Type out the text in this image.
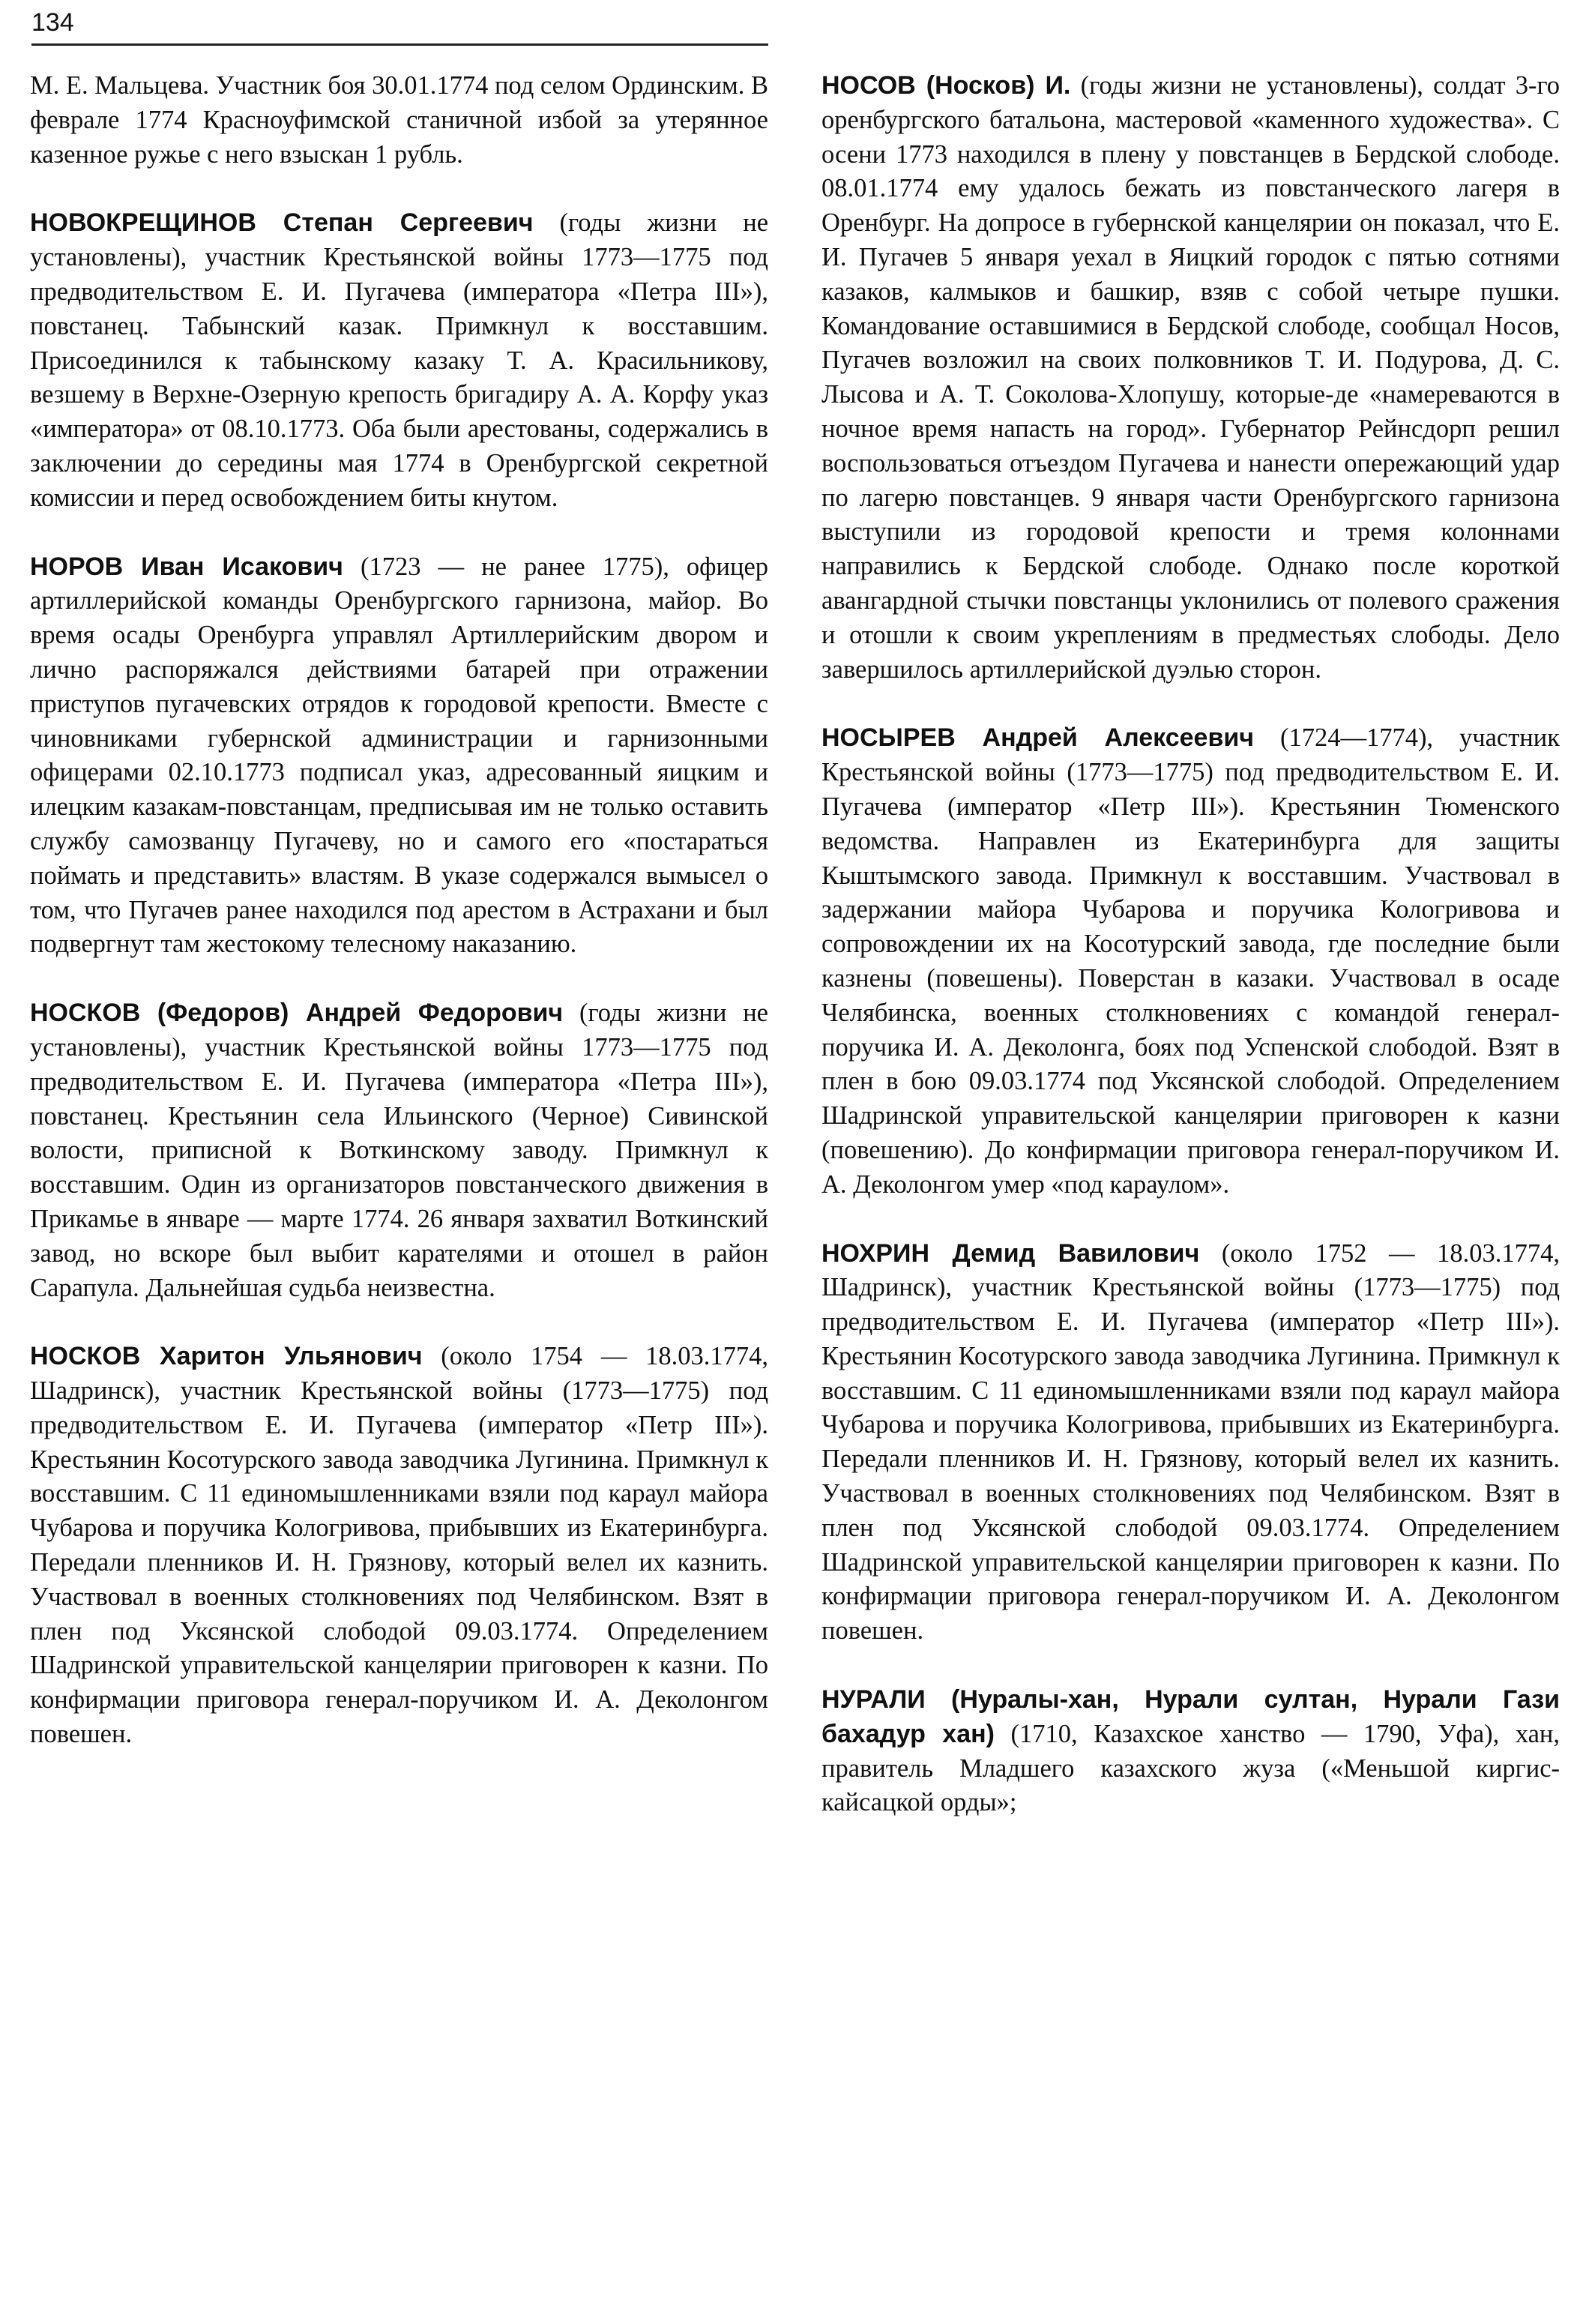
134

М. Е. Мальцева. Участник боя 30.01.1774 под селом Ординским. В феврале 1774 Красноуфимской станичной избой за утерянное казенное ружье с него взыскан 1 рубль.

НОВОКРЕЩИНОВ Степан Сергеевич (годы жизни не установлены), участник Крестьянской войны 1773—1775 под предводительством Е. И. Пугачева (императора «Петра III»), повстанец. Табынский казак. Примкнул к восставшим. Присоединился к табынскому казаку Т. А. Красильникову, везшему в Верхне-Озерную крепость бригадиру А. А. Корфу указ «императора» от 08.10.1773. Оба были арестованы, содержались в заключении до середины мая 1774 в Оренбургской секретной комиссии и перед освобождением биты кнутом.

НОРОВ Иван Исакович (1723 — не ранее 1775), офицер артиллерийской команды Оренбургского гарнизона, майор. Во время осады Оренбурга управлял Артиллерийским двором и лично распоряжался действиями батарей при отражении приступов пугачевских отрядов к городовой крепости. Вместе с чиновниками губернской администрации и гарнизонными офицерами 02.10.1773 подписал указ, адресованный яицким и илецким казакам-повстанцам, предписывая им не только оставить службу самозванцу Пугачеву, но и самого его «постараться поймать и представить» властям. В указе содержался вымысел о том, что Пугачев ранее находился под арестом в Астрахани и был подвергнут там жестокому телесному наказанию.

НОСКОВ (Федоров) Андрей Федорович (годы жизни не установлены), участник Крестьянской войны 1773—1775 под предводительством Е. И. Пугачева (императора «Петра III»), повстанец. Крестьянин села Ильинского (Черное) Сивинской волости, приписной к Воткинскому заводу. Примкнул к восставшим. Один из организаторов повстанческого движения в Прикамье в январе — марте 1774. 26 января захватил Воткинский завод, но вскоре был выбит карателями и отошел в район Сарапула. Дальнейшая судьба неизвестна.

НОСКОВ Харитон Ульянович (около 1754 — 18.03.1774, Шадринск), участник Крестьянской войны (1773—1775) под предводительством Е. И. Пугачева (император «Петр III»). Крестьянин Косотурского завода заводчика Лугинина. Примкнул к восставшим. С 11 единомышленниками взяли под караул майора Чубарова и поручика Кологривова, прибывших из Екатеринбурга. Передали пленников И. Н. Грязнову, который велел их казнить. Участвовал в военных столкновениях под Челябинском. Взят в плен под Уксянской слободой 09.03.1774. Определением Шадринской управительской канцелярии приговорен к казни. По конфирмации приговора генерал-поручиком И. А. Деколонгом повешен.

НОСОВ (Носков) И. (годы жизни не установлены), солдат 3-го оренбургского батальона, мастеровой «каменного художества». С осени 1773 находился в плену у повстанцев в Бердской слободе. 08.01.1774 ему удалось бежать из повстанческого лагеря в Оренбург. На допросе в губернской канцелярии он показал, что Е. И. Пугачев 5 января уехал в Яицкий городок с пятью сотнями казаков, калмыков и башкир, взяв с собой четыре пушки. Командование оставшимися в Бердской слободе, сообщал Носов, Пугачев возложил на своих полковников Т. И. Подурова, Д. С. Лысова и А. Т. Соколова-Хлопушу, которые-де «намереваются в ночное время напасть на город». Губернатор Рейнсдорп решил воспользоваться отъездом Пугачева и нанести опережающий удар по лагерю повстанцев. 9 января части Оренбургского гарнизона выступили из городовой крепости и тремя колоннами направились к Бердской слободе. Однако после короткой авангардной стычки повстанцы уклонились от полевого сражения и отошли к своим укреплениям в предместьях слободы. Дело завершилось артиллерийской дуэлью сторон.

НОСЫРЕВ Андрей Алексеевич (1724—1774), участник Крестьянской войны (1773—1775) под предводительством Е. И. Пугачева (император «Петр III»). Крестьянин Тюменского ведомства. Направлен из Екатеринбурга для защиты Кыштымского завода. Примкнул к восставшим. Участвовал в задержании майора Чубарова и поручика Кологривова и сопровождении их на Косотурский завода, где последние были казнены (повешены). Поверстан в казаки. Участвовал в осаде Челябинска, военных столкновениях с командой генерал-поручика И. А. Деколонга, боях под Успенской слободой. Взят в плен в бою 09.03.1774 под Уксянской слободой. Определением Шадринской управительской канцелярии приговорен к казни (повешению). До конфирмации приговора генерал-поручиком И. А. Деколонгом умер «под караулом».

НОХРИН Демид Вавилович (около 1752 — 18.03.1774, Шадринск), участник Крестьянской войны (1773—1775) под предводительством Е. И. Пугачева (император «Петр III»). Крестьянин Косотурского завода заводчика Лугинина. Примкнул к восставшим. С 11 единомышленниками взяли под караул майора Чубарова и поручика Кологривова, прибывших из Екатеринбурга. Передали пленников И. Н. Грязнову, который велел их казнить. Участвовал в военных столкновениях под Челябинском. Взят в плен под Уксянской слободой 09.03.1774. Определением Шадринской управительской канцелярии приговорен к казни. По конфирмации приговора генерал-поручиком И. А. Деколонгом повешен.

НУРАЛИ (Нуралы-хан, Нурали султан, Нурали Гази бахадур хан) (1710, Казахское ханство — 1790, Уфа), хан, правитель Младшего казахского жуза («Меньшой киргис-кайсацкой орды»;
